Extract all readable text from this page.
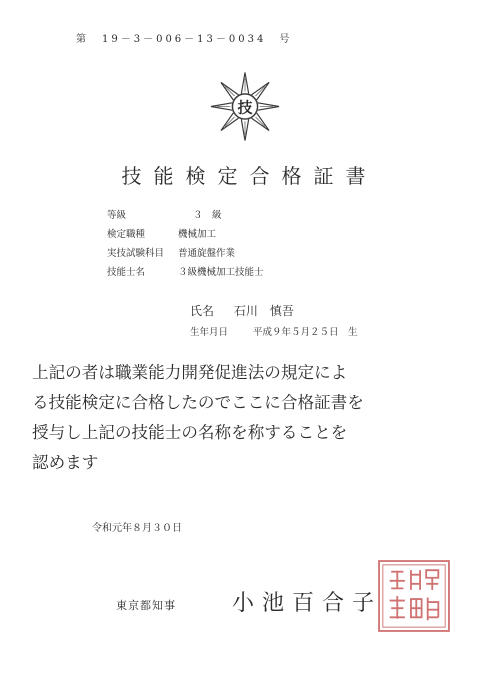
第　19－3－006－13－0034　号
技
技能検定合格証書
等級	３　級
検定職種	機械加工
実技試験科目 普通旋盤作業
技能士名	３級機械加工技能士
氏名 石川　慎吾
生年月日	平成９年５月２５日　生
上記の者は職業能力開発促進法の規定によ
る技能検定に合格したのでここに合格証書を
授与し上記の技能士の名称を称することを
認めます
令和元年８月３０日
東京都知事	小池百合子
